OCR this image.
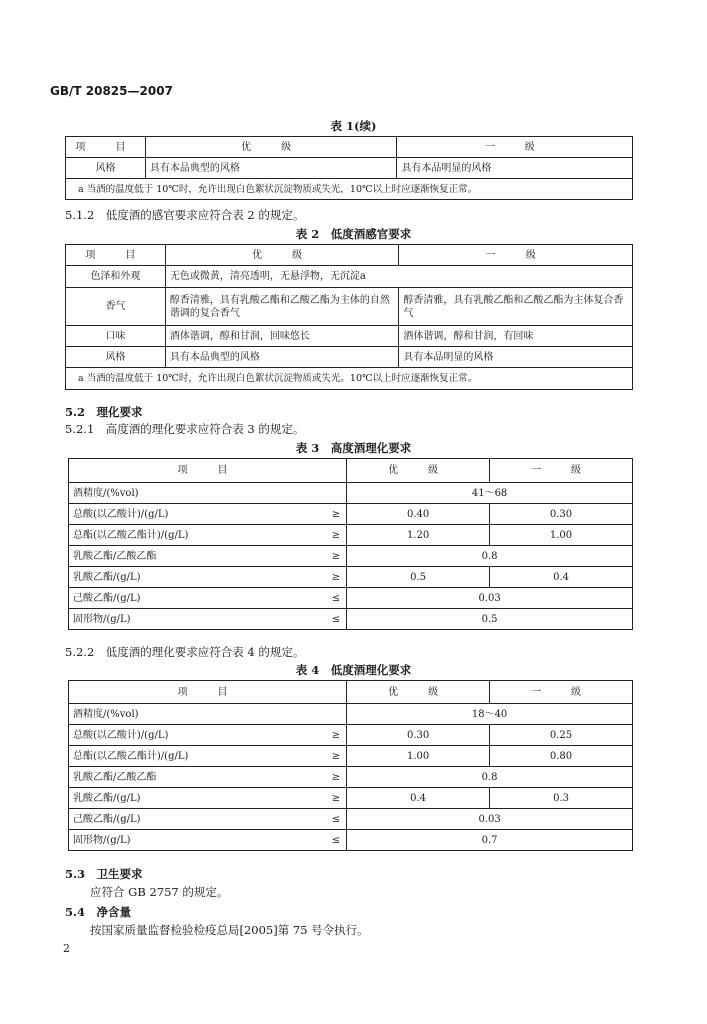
GB/T 20825—2007
表 1(续)
项　目	优　级	一　级
风格	具有本品典型的风格	具有本品明显的风格
a 当酒的温度低于 10℃时，允许出现白色絮状沉淀物质或失光，10℃以上时应逐渐恢复正常。		
5.1.2　低度酒的感官要求应符合表 2 的规定。
表 2　低度酒感官要求
项　目	优　级	一　级
色泽和外观	无色或微黄，清亮透明，无悬浮物，无沉淀a	
香气	醇香清雅，具有乳酸乙酯和乙酸乙酯为主体的自然谐调的复合香气	醇香清雅，具有乳酸乙酯和乙酸乙酯为主体复合香气
口味	酒体谐调，醇和甘润，回味悠长	酒体谐调，醇和甘润，有回味
风格	具有本品典型的风格	具有本品明显的风格
a 当酒的温度低于 10℃时，允许出现白色絮状沉淀物质或失光。10℃以上时应逐渐恢复正常。		
5.2　 理化要求
5.2.1　高度酒的理化要求应符合表 3 的规定。
表 3　高度酒理化要求
项　目		优　级	一　级
酒精度/(%vol)		41～68	
总酸(以乙酸计)/(g/L)	≥	0.40	0.30
总酯(以乙酸乙酯计)/(g/L)	≥	1.20	1.00
乳酸乙酯/乙酸乙酯	≥	0.8	
乳酸乙酯/(g/L)	≥	0.5	0.4
己酸乙酯/(g/L)	≤	0.03	
固形物/(g/L)	≤	0.5	
5.2.2　低度酒的理化要求应符合表 4 的规定。
表 4　低度酒理化要求
项　目		优　级	一　级
酒精度/(%vol)		18～40	
总酸(以乙酸计)/(g/L)	≥	0.30	0.25
总酯(以乙酸乙酯计)/(g/L)	≥	1.00	0.80
乳酸乙酯/乙酸乙酯	≥	0.8	
乳酸乙酯/(g/L)	≥	0.4	0.3
己酸乙酯/(g/L)	≤	0.03	
固形物/(g/L)	≤	0.7	
5.3　 卫生要求
应符合 GB 2757 的规定。
5.4　 净含量
按国家质量监督检验检疫总局[2005]第 75 号令执行。
2
